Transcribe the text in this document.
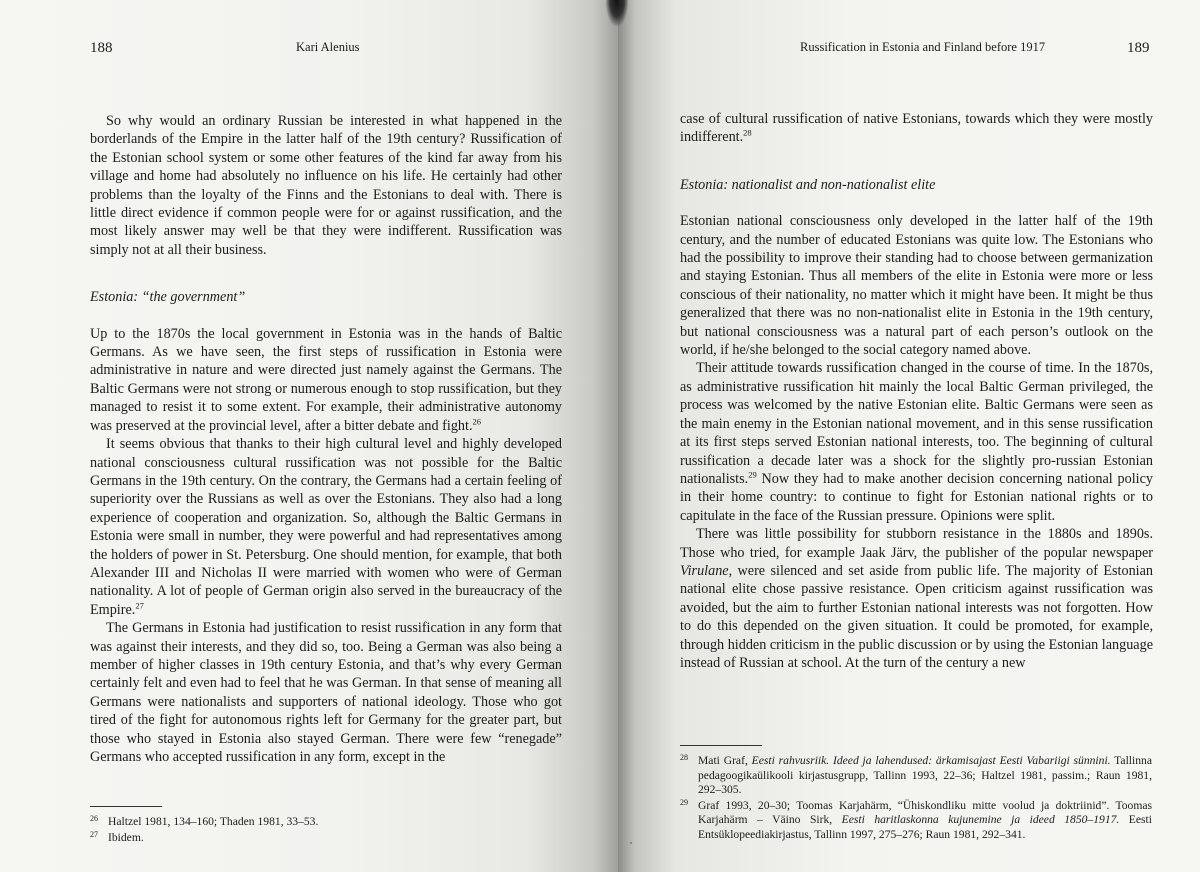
188	Kari Alenius

So why would an ordinary Russian be interested in what happened in the borderlands of the Empire in the latter half of the 19th century? Russification of the Estonian school system or some other features of the kind far away from his village and home had absolutely no influence on his life. He certainly had other problems than the loyalty of the Finns and the Estonians to deal with. There is little direct evidence if common people were for or against russification, and the most likely answer may well be that they were indifferent. Russification was simply not at all their business.

Estonia: “the government”

Up to the 1870s the local government in Estonia was in the hands of Baltic Germans. As we have seen, the first steps of russification in Estonia were administrative in nature and were directed just namely against the Germans. The Baltic Germans were not strong or numerous enough to stop russification, but they managed to resist it to some extent. For example, their administrative autonomy was preserved at the provincial level, after a bitter debate and fight.$^{26}$

It seems obvious that thanks to their high cultural level and highly developed national consciousness cultural russification was not possible for the Baltic Germans in the 19th century. On the contrary, the Germans had a certain feeling of superiority over the Russians as well as over the Estonians. They also had a long experience of cooperation and organization. So, although the Baltic Germans in Estonia were small in number, they were powerful and had representatives among the holders of power in St. Petersburg. One should mention, for example, that both Alexander III and Nicholas II were married with women who were of German nationality. A lot of people of German origin also served in the bureaucracy of the Empire.$^{27}$

The Germans in Estonia had justification to resist russification in any form that was against their interests, and they did so, too. Being a German was also being a member of higher classes in 19th century Estonia, and that’s why every German certainly felt and even had to feel that he was German. In that sense of meaning all Germans were nationalists and supporters of national ideology. Those who got tired of the fight for autonomous rights left for Germany for the greater part, but those who stayed in Estonia also stayed German. There were few “renegade” Germans who accepted russification in any form, except in the

26 Haltzel 1981, 134–160; Thaden 1981, 33–53.
27 Ibidem.
Russification in Estonia and Finland before 1917	189

case of cultural russification of native Estonians, towards which they were mostly indifferent.$^{28}$

Estonia: nationalist and non-nationalist elite

Estonian national consciousness only developed in the latter half of the 19th century, and the number of educated Estonians was quite low. The Estonians who had the possibility to improve their standing had to choose between germanization and staying Estonian. Thus all members of the elite in Estonia were more or less conscious of their nationality, no matter which it might have been. It might be thus generalized that there was no non-nationalist elite in Estonia in the 19th century, but national consciousness was a natural part of each person’s outlook on the world, if he/she belonged to the social category named above.

Their attitude towards russification changed in the course of time. In the 1870s, as administrative russification hit mainly the local Baltic German privileged, the process was welcomed by the native Estonian elite. Baltic Germans were seen as the main enemy in the Estonian national movement, and in this sense russification at its first steps served Estonian national interests, too. The beginning of cultural russification a decade later was a shock for the slightly pro-russian Estonian nationalists.$^{29}$ Now they had to make another decision concerning national policy in their home country: to continue to fight for Estonian national rights or to capitulate in the face of the Russian pressure. Opinions were split.

There was little possibility for stubborn resistance in the 1880s and 1890s. Those who tried, for example Jaak Järv, the publisher of the popular newspaper Virulane, were silenced and set aside from public life. The majority of Estonian national elite chose passive resistance. Open criticism against russification was avoided, but the aim to further Estonian national interests was not forgotten. How to do this depended on the given situation. It could be promoted, for example, through hidden criticism in the public discussion or by using the Estonian language instead of Russian at school. At the turn of the century a new

28 Mati Graf, Eesti rahvusriik. Ideed ja lahendused: ärkamisajast Eesti Vabariigi sünnini. Tallinna pedagoogikaülikooli kirjastusgrupp, Tallinn 1993, 22–36; Haltzel 1981, passim.; Raun 1981, 292–305.
29 Graf 1993, 20–30; Toomas Karjahärm, “Ühiskondliku mitte voolud ja doktriinid”. Toomas Karjahärm – Väino Sirk, Eesti haritlaskonna kujunemine ja ideed 1850–1917. Eesti Entsüklopeediakirjastus, Tallinn 1997, 275–276; Raun 1981, 292–341.
